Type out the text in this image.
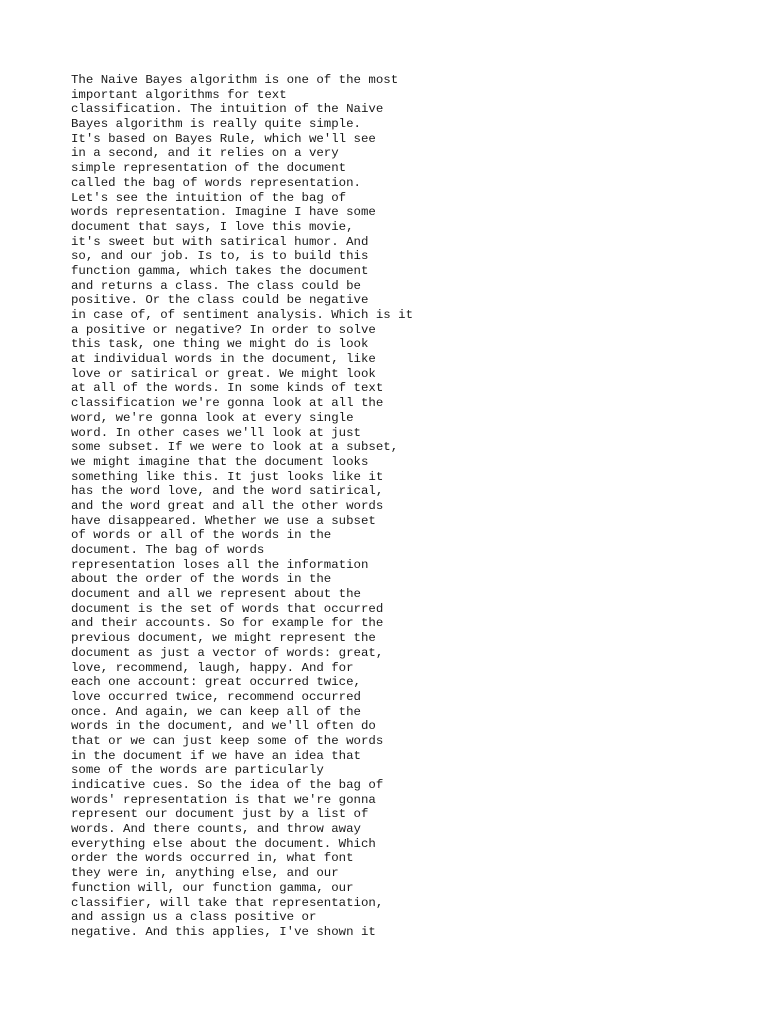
The Naive Bayes algorithm is one of the most
important algorithms for text
classification. The intuition of the Naive
Bayes algorithm is really quite simple.
It's based on Bayes Rule, which we'll see
in a second, and it relies on a very
simple representation of the document
called the bag of words representation.
Let's see the intuition of the bag of
words representation. Imagine I have some
document that says, I love this movie,
it's sweet but with satirical humor. And
so, and our job. Is to, is to build this
function gamma, which takes the document
and returns a class. The class could be
positive. Or the class could be negative
in case of, of sentiment analysis. Which is it
a positive or negative? In order to solve
this task, one thing we might do is look
at individual words in the document, like
love or satirical or great. We might look
at all of the words. In some kinds of text
classification we're gonna look at all the
word, we're gonna look at every single
word. In other cases we'll look at just
some subset. If we were to look at a subset,
we might imagine that the document looks
something like this. It just looks like it
has the word love, and the word satirical,
and the word great and all the other words
have disappeared. Whether we use a subset
of words or all of the words in the
document. The bag of words
representation loses all the information
about the order of the words in the
document and all we represent about the
document is the set of words that occurred
and their accounts. So for example for the
previous document, we might represent the
document as just a vector of words: great,
love, recommend, laugh, happy. And for
each one account: great occurred twice,
love occurred twice, recommend occurred
once. And again, we can keep all of the
words in the document, and we'll often do
that or we can just keep some of the words
in the document if we have an idea that
some of the words are particularly
indicative cues. So the idea of the bag of
words' representation is that we're gonna
represent our document just by a list of
words. And there counts, and throw away
everything else about the document. Which
order the words occurred in, what font
they were in, anything else, and our
function will, our function gamma, our
classifier, will take that representation,
and assign us a class positive or
negative. And this applies, I've shown it
